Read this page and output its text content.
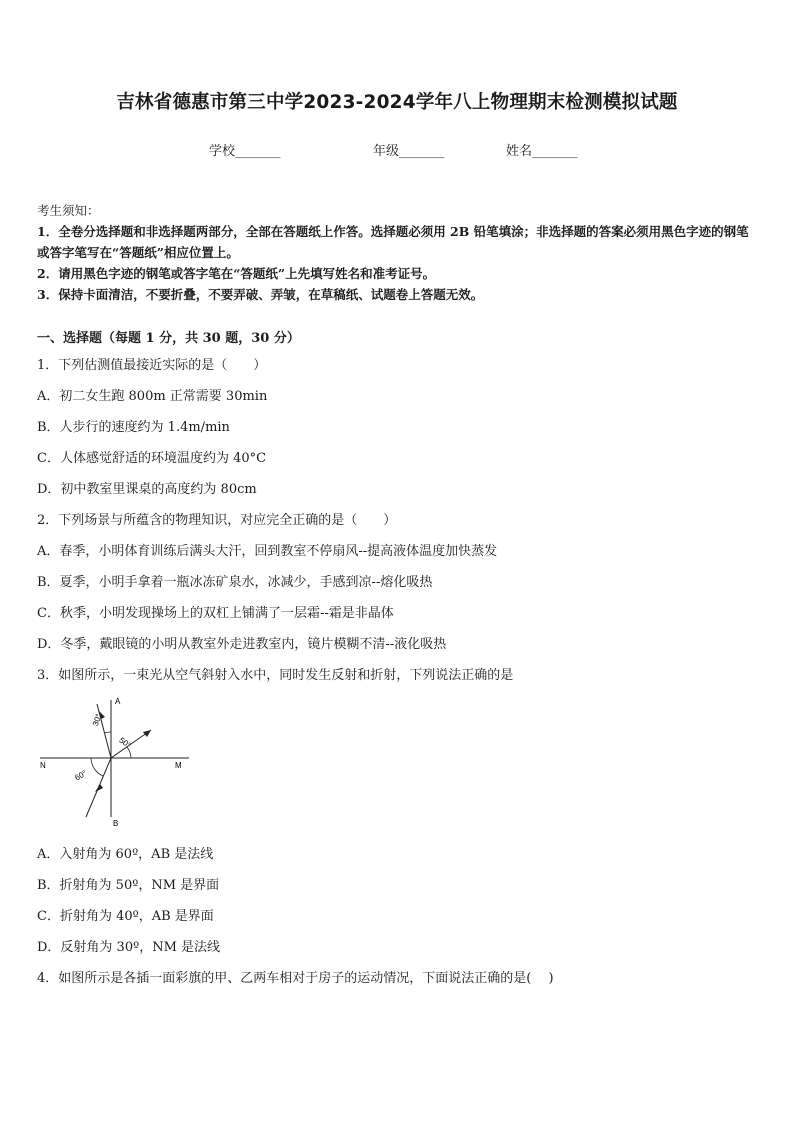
吉林省德惠市第三中学2023-2024学年八上物理期末检测模拟试题
学校_______	年级_______	姓名_______
考生须知：
1．全卷分选择题和非选择题两部分，全部在答题纸上作答。选择题必须用 2B 铅笔填涂；非选择题的答案必须用黑色字迹的钢笔或答字笔写在“答题纸”相应位置上。
2．请用黑色字迹的钢笔或答字笔在“答题纸”上先填写姓名和准考证号。
3．保持卡面清洁，不要折叠，不要弄破、弄皱，在草稿纸、试题卷上答题无效。
一、选择题（每题 1 分，共 30 题，30 分）
1．下列估测值最接近实际的是（　　）
A．初二女生跑 800m 正常需要 30min
B．人步行的速度约为 1.4m/min
C．人体感觉舒适的环境温度约为 40°C
D．初中教室里课桌的高度约为 80cm
2．下列场景与所蕴含的物理知识，对应完全正确的是（　　）
A．春季，小明体育训练后满头大汗，回到教室不停扇风--提高液体温度加快蒸发
B．夏季，小明手拿着一瓶冰冻矿泉水，冰减少，手感到凉--熔化吸热
C．秋季，小明发现操场上的双杠上铺满了一层霜--霜是非晶体
D．冬季，戴眼镜的小明从教室外走进教室内，镜片模糊不清--液化吸热
3．如图所示，一束光从空气斜射入水中，同时发生反射和折射，下列说法正确的是
A
B
N	M
30°
50°
60°
A．入射角为 60º，AB 是法线
B．折射角为 50º，NM 是界面
C．折射角为 40º，AB 是界面
D．反射角为 30º，NM 是法线
4．如图所示是各插一面彩旗的甲、乙两车相对于房子的运动情况，下面说法正确的是(　 )
